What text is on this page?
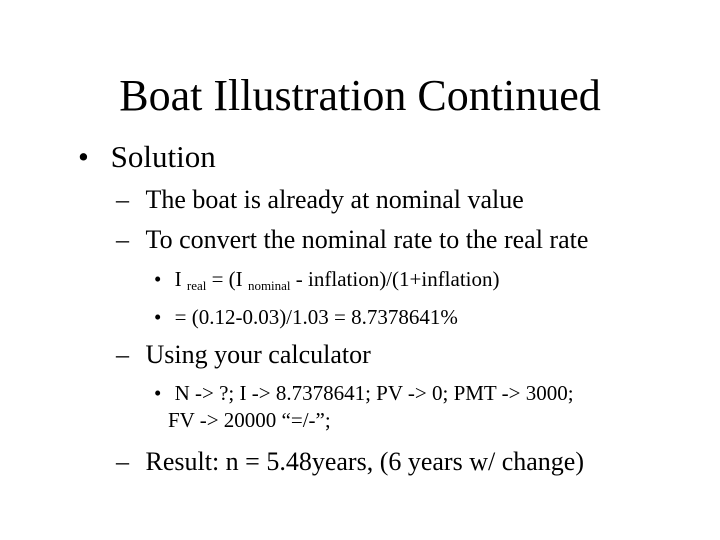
Boat Illustration Continued
• Solution
– The boat is already at nominal value
– To convert the nominal rate to the real rate
• I $_{real}$ = (I $_{nominal}$ - inflation)/(1+inflation)
• = (0.12-0.03)/1.03 = 8.7378641%
– Using your calculator
• N -> ?; I -> 8.7378641; PV -> 0; PMT -> 3000;
FV -> 20000 “=/-”;
– Result: n = 5.48years, (6 years w/ change)
